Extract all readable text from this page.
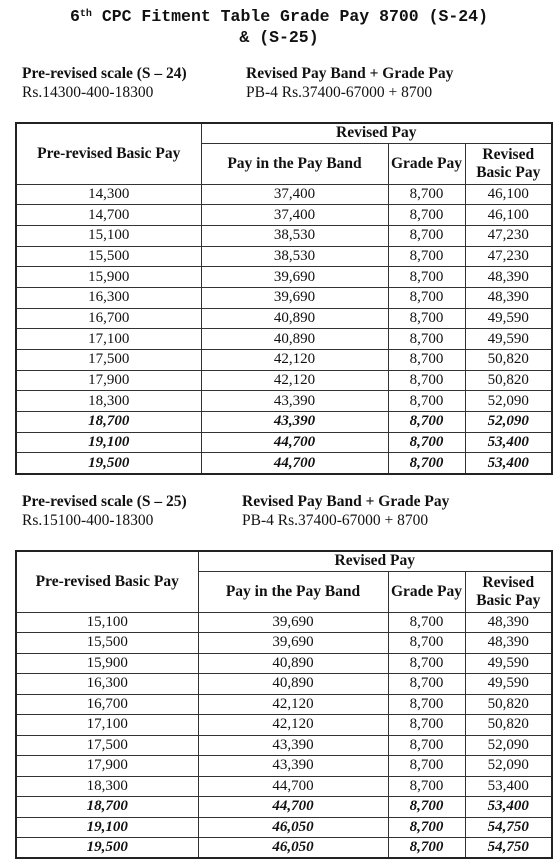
6th CPC Fitment Table Grade Pay 8700 (S-24)
& (S-25)
Pre-revised scale (S – 24)
Rs.14300-400-18300
Revised Pay Band + Grade Pay
PB-4 Rs.37400-67000 + 8700
Pre-revised Basic Pay	Revised Pay		
	Pay in the Pay Band	Grade Pay	Revised Basic Pay
14,300	37,400	8,700	46,100
14,700	37,400	8,700	46,100
15,100	38,530	8,700	47,230
15,500	38,530	8,700	47,230
15,900	39,690	8,700	48,390
16,300	39,690	8,700	48,390
16,700	40,890	8,700	49,590
17,100	40,890	8,700	49,590
17,500	42,120	8,700	50,820
17,900	42,120	8,700	50,820
18,300	43,390	8,700	52,090
18,700	43,390	8,700	52,090
19,100	44,700	8,700	53,400
19,500	44,700	8,700	53,400
Pre-revised scale (S – 25)
Rs.15100-400-18300
Revised Pay Band + Grade Pay
PB-4 Rs.37400-67000 + 8700
Pre-revised Basic Pay	Revised Pay		
	Pay in the Pay Band	Grade Pay	Revised Basic Pay
15,100	39,690	8,700	48,390
15,500	39,690	8,700	48,390
15,900	40,890	8,700	49,590
16,300	40,890	8,700	49,590
16,700	42,120	8,700	50,820
17,100	42,120	8,700	50,820
17,500	43,390	8,700	52,090
17,900	43,390	8,700	52,090
18,300	44,700	8,700	53,400
18,700	44,700	8,700	53,400
19,100	46,050	8,700	54,750
19,500	46,050	8,700	54,750
